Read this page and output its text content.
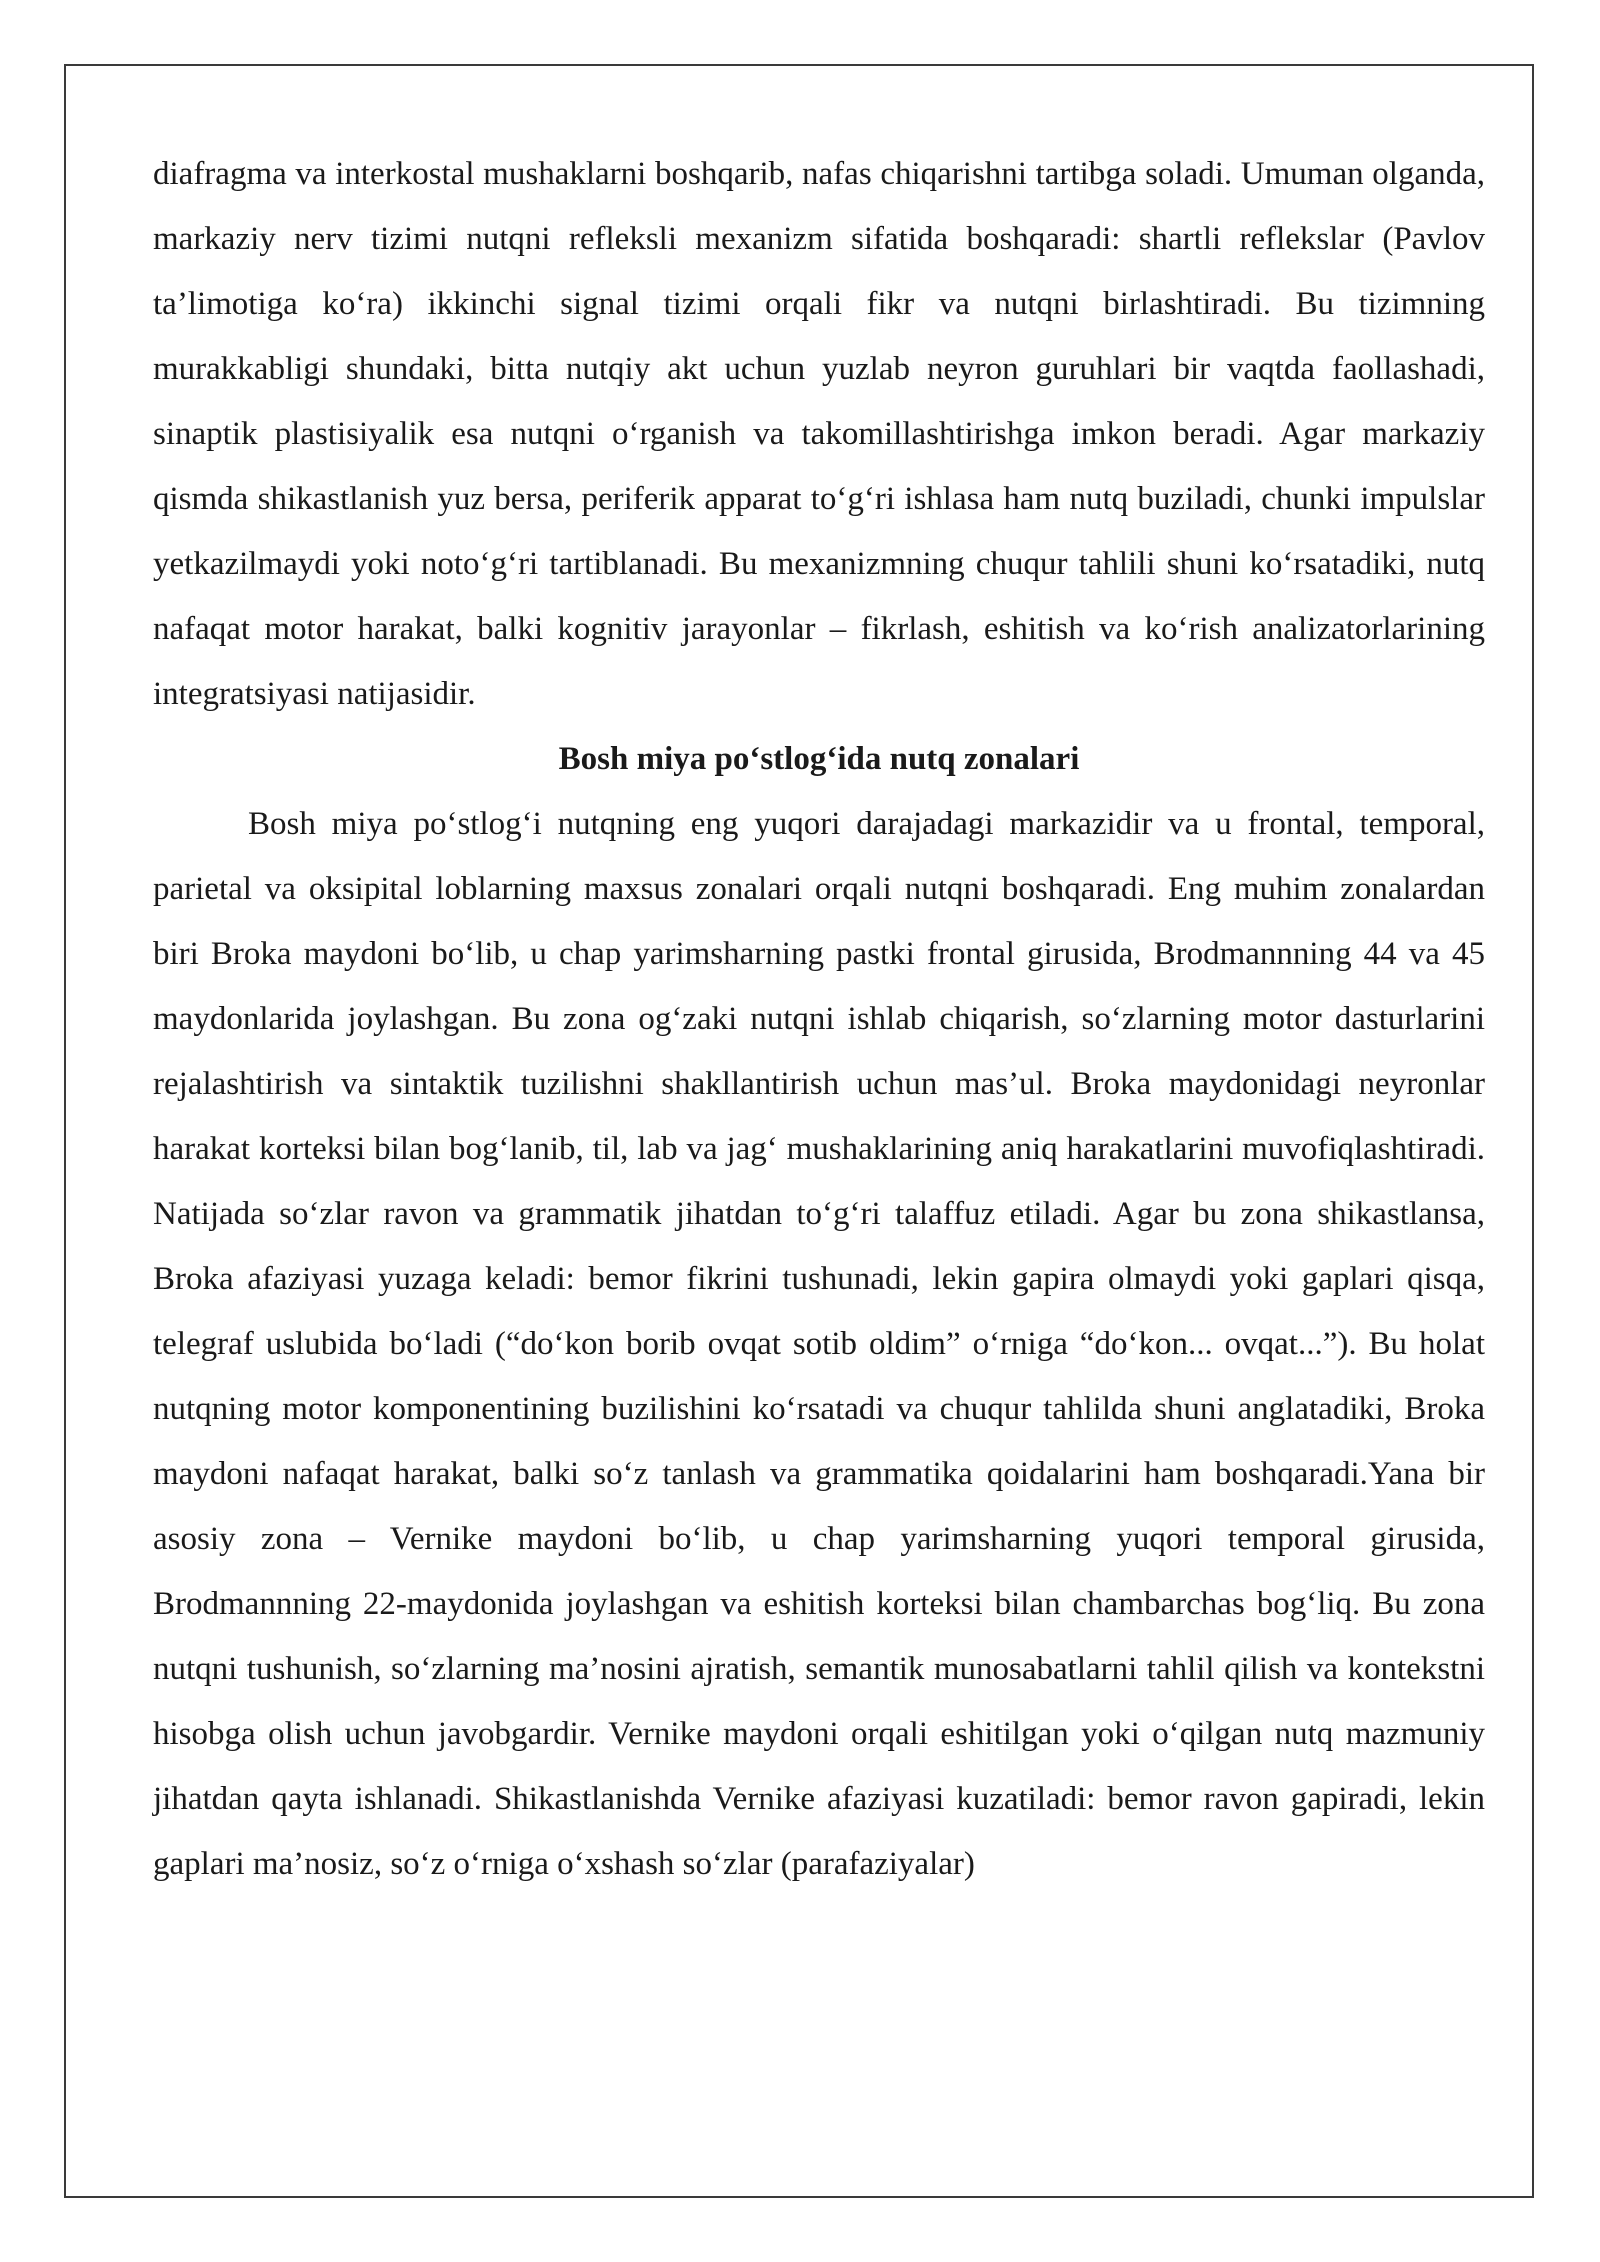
diafragma va interkostal mushaklarni boshqarib, nafas chiqarishni tartibga soladi. Umuman olganda, markaziy nerv tizimi nutqni refleksli mexanizm sifatida boshqaradi: shartli reflekslar (Pavlov ta’limotiga ko‘ra) ikkinchi signal tizimi orqali fikr va nutqni birlashtiradi. Bu tizimning murakkabligi shundaki, bitta nutqiy akt uchun yuzlab neyron guruhlari bir vaqtda faollashadi, sinaptik plastisiyalik esa nutqni o‘rganish va takomillashtirishga imkon beradi. Agar markaziy qismda shikastlanish yuz bersa, periferik apparat to‘g‘ri ishlasa ham nutq buziladi, chunki impulslar yetkazilmaydi yoki noto‘g‘ri tartiblanadi. Bu mexanizmning chuqur tahlili shuni ko‘rsatadiki, nutq nafaqat motor harakat, balki kognitiv jarayonlar – fikrlash, eshitish va ko‘rish analizatorlarining integratsiyasi natijasidir.

Bosh miya po‘stlog‘ida nutq zonalari

Bosh miya po‘stlog‘i nutqning eng yuqori darajadagi markazidir va u frontal, temporal, parietal va oksipital loblarning maxsus zonalari orqali nutqni boshqaradi. Eng muhim zonalardan biri Broka maydoni bo‘lib, u chap yarimsharning pastki frontal girusida, Brodmannning 44 va 45 maydonlarida joylashgan. Bu zona og‘zaki nutqni ishlab chiqarish, so‘zlarning motor dasturlarini rejalashtirish va sintaktik tuzilishni shakllantirish uchun mas’ul. Broka maydonidagi neyronlar harakat korteksi bilan bog‘lanib, til, lab va jag‘ mushaklarining aniq harakatlarini muvofiqlashtiradi. Natijada so‘zlar ravon va grammatik jihatdan to‘g‘ri talaffuz etiladi. Agar bu zona shikastlansa, Broka afaziyasi yuzaga keladi: bemor fikrini tushunadi, lekin gapira olmaydi yoki gaplari qisqa, telegraf uslubida bo‘ladi (“do‘kon borib ovqat sotib oldim” o‘rniga “do‘kon... ovqat...”). Bu holat nutqning motor komponentining buzilishini ko‘rsatadi va chuqur tahlilda shuni anglatadiki, Broka maydoni nafaqat harakat, balki so‘z tanlash va grammatika qoidalarini ham boshqaradi.Yana bir asosiy zona – Vernike maydoni bo‘lib, u chap yarimsharning yuqori temporal girusida, Brodmannning 22-maydonida joylashgan va eshitish korteksi bilan chambarchas bog‘liq. Bu zona nutqni tushunish, so‘zlarning ma’nosini ajratish, semantik munosabatlarni tahlil qilish va kontekstni hisobga olish uchun javobgardir. Vernike maydoni orqali eshitilgan yoki o‘qilgan nutq mazmuniy jihatdan qayta ishlanadi. Shikastlanishda Vernike afaziyasi kuzatiladi: bemor ravon gapiradi, lekin gaplari ma’nosiz, so‘z o‘rniga o‘xshash so‘zlar (parafaziyalar)
